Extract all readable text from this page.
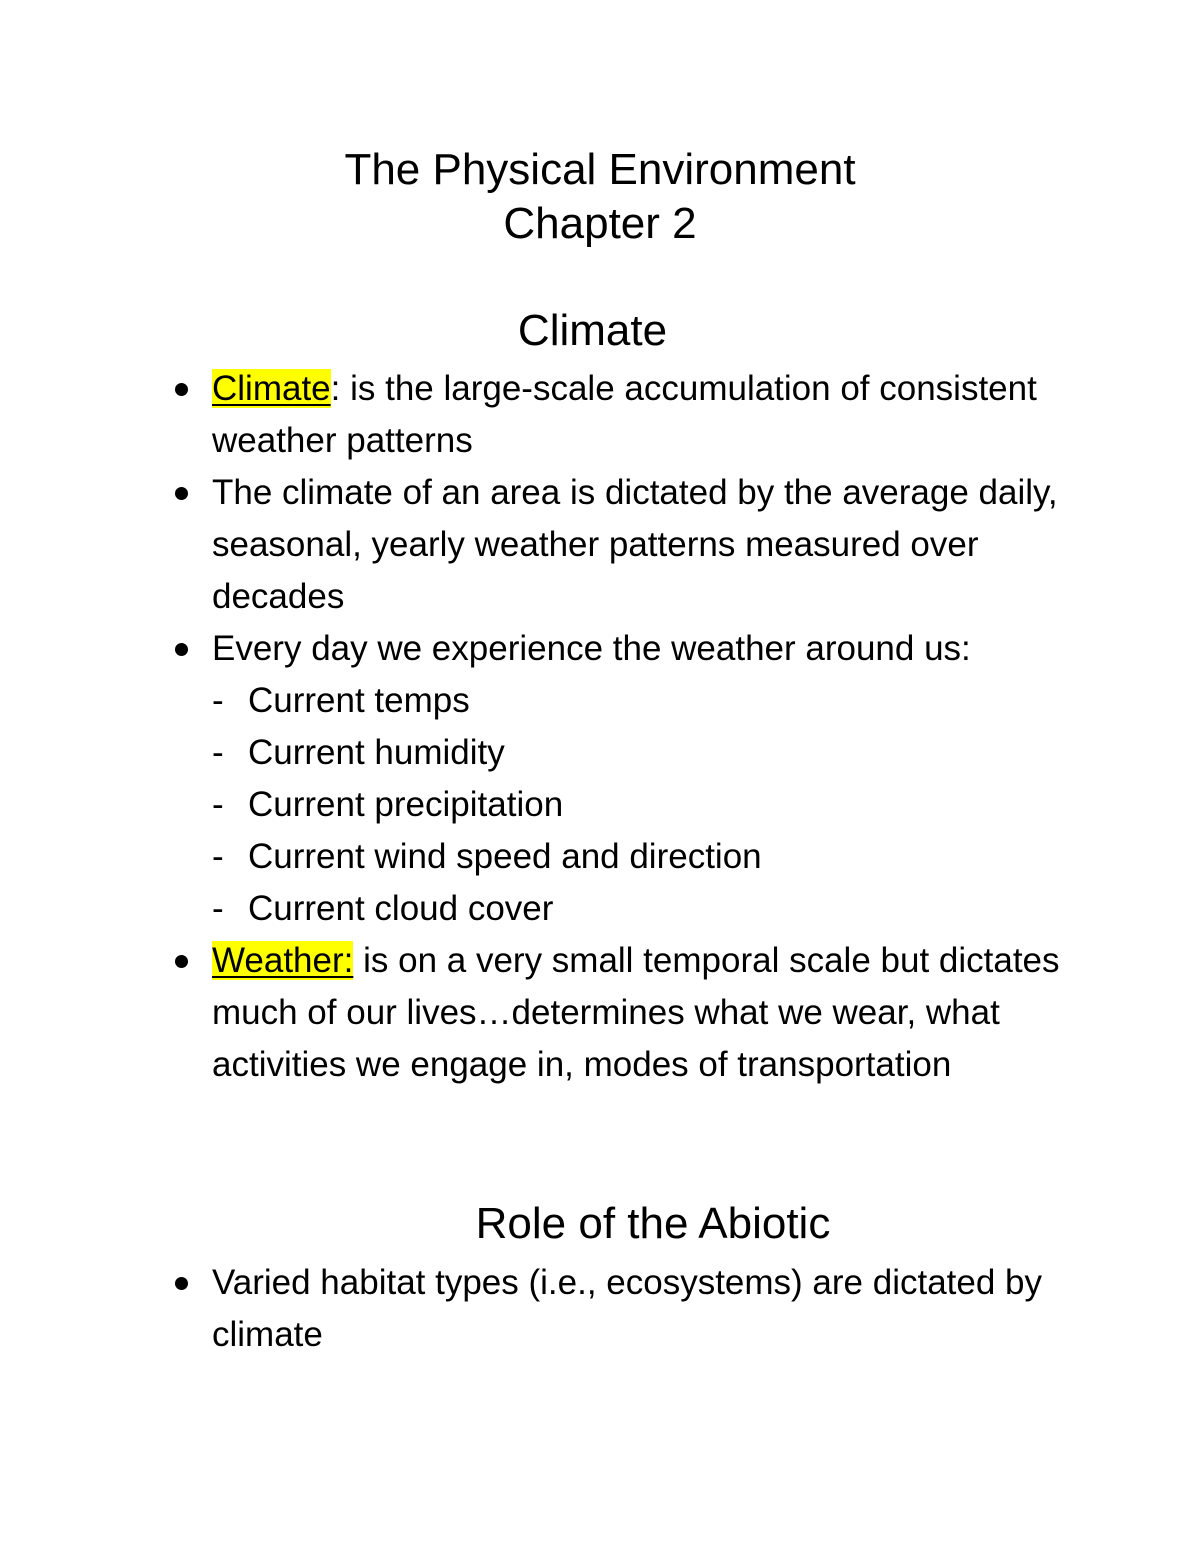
The Physical Environment
Chapter 2
Climate
Climate: is the large-scale accumulation of consistent weather patterns
The climate of an area is dictated by the average daily, seasonal, yearly weather patterns measured over decades
Every day we experience the weather around us:
- Current temps
- Current humidity
- Current precipitation
- Current wind speed and direction
- Current cloud cover
Weather: is on a very small temporal scale but dictates much of our lives…determines what we wear, what activities we engage in, modes of transportation
Role of the Abiotic
Varied habitat types (i.e., ecosystems) are dictated by climate
